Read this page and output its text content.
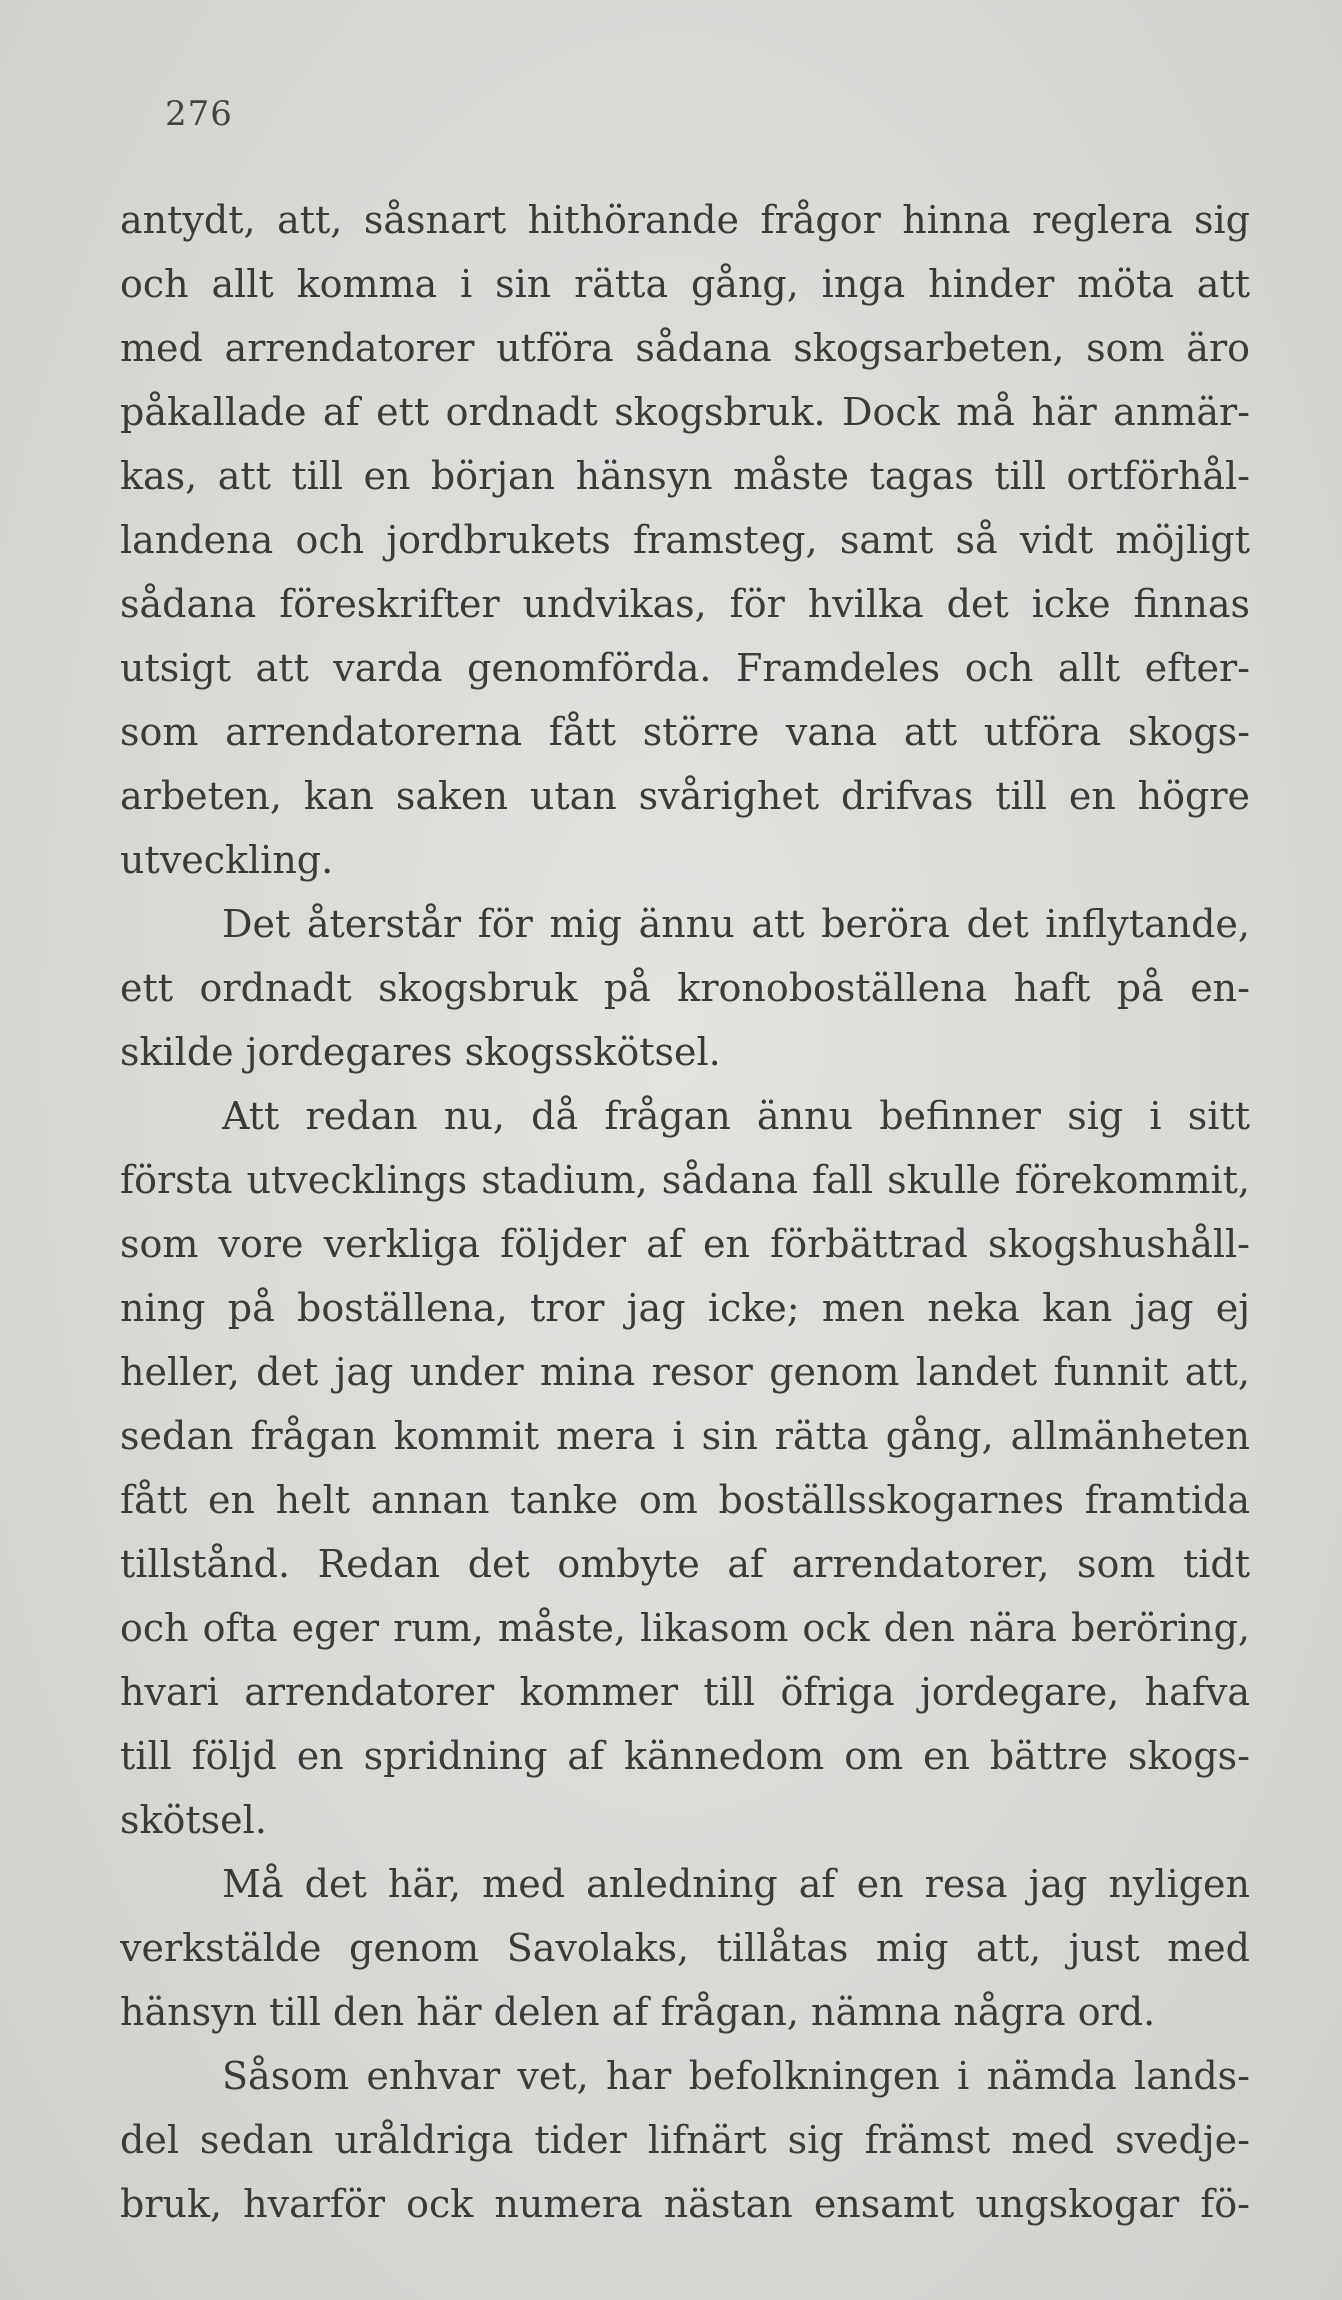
276
antydt, att, såsnart hithörande frågor hinna reglera sig
och allt komma i sin rätta gång, inga hinder möta att
med arrendatorer utföra sådana skogsarbeten, som äro
påkallade af ett ordnadt skogsbruk. Dock må här anmär-
kas, att till en början hänsyn måste tagas till ortförhål-
landena och jordbrukets framsteg, samt så vidt möjligt
sådana föreskrifter undvikas, för hvilka det icke finnas
utsigt att varda genomförda. Framdeles och allt efter-
som arrendatorerna fått större vana att utföra skogs-
arbeten, kan saken utan svårighet drifvas till en högre
utveckling.
Det återstår för mig ännu att beröra det inflytande,
ett ordnadt skogsbruk på kronoboställena haft på en-
skilde jordegares skogsskötsel.
Att redan nu, då frågan ännu befinner sig i sitt
första utvecklings stadium, sådana fall skulle förekommit,
som vore verkliga följder af en förbättrad skogshushåll-
ning på boställena, tror jag icke; men neka kan jag ej
heller, det jag under mina resor genom landet funnit att,
sedan frågan kommit mera i sin rätta gång, allmänheten
fått en helt annan tanke om boställsskogarnes framtida
tillstånd. Redan det ombyte af arrendatorer, som tidt
och ofta eger rum, måste, likasom ock den nära beröring,
hvari arrendatorer kommer till öfriga jordegare, hafva
till följd en spridning af kännedom om en bättre skogs-
skötsel.
Må det här, med anledning af en resa jag nyligen
verkstälde genom Savolaks, tillåtas mig att, just med
hänsyn till den här delen af frågan, nämna några ord.
Såsom enhvar vet, har befolkningen i nämda lands-
del sedan uråldriga tider lifnärt sig främst med svedje-
bruk, hvarför ock numera nästan ensamt ungskogar fö-
